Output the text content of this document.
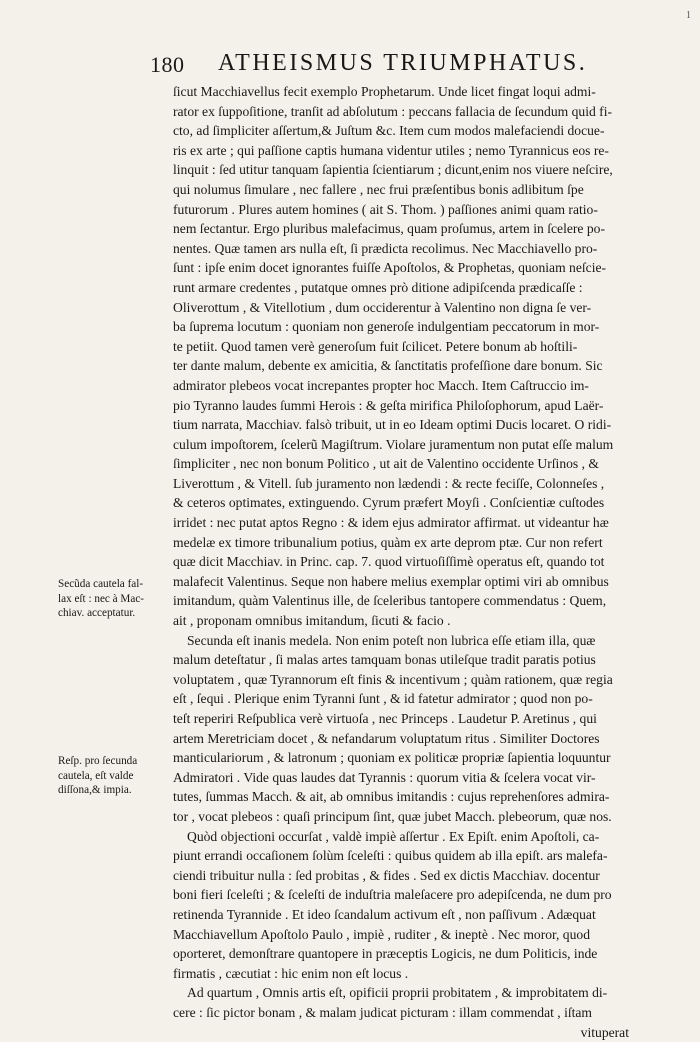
1
180 ATHEISMUS TRIUMPHATUS.
Secũda cautela fal-
lax eſt : nec à Mac-
chiav. acceptatur.
Reſp. pro ſecunda
cautela, eſt valde
diſſona,& impia.
ſicut Macchiavellus fecit exemplo Prophetarum. Unde licet fingat loqui admi-
rator ex ſuppoſitione, tranſit ad abſolutum : peccans fallacia de ſecundum quid fi-
cto, ad ſimpliciter aſſertum,& Juſtum &c. Item cum modos malefaciendi docue-
ris ex arte ; qui paſſione captis humana videntur utiles ; nemo Tyrannicus eos re-
linquit : ſed utitur tanquam ſapientia ſcientiarum ; dicunt,enim nos viuere neſcire,
qui nolumus ſimulare , nec fallere , nec frui præſentibus bonis adlibitum ſpe
futurorum . Plures autem homines ( ait S. Thom. ) paſſiones animi quam ratio-
nem ſectantur. Ergo pluribus malefacimus, quam proſumus, artem in ſcelere po-
nentes. Quæ tamen ars nulla eſt, ſi prædicta recolimus. Nec Macchiavello pro-
ſunt : ipſe enim docet ignorantes fuiſſe Apoſtolos, & Prophetas, quoniam neſcie-
runt armare credentes , putatque omnes prò ditione adipiſcenda prædicaſſe :
Oliverottum , & Vitellotium , dum occiderentur à Valentino non digna ſe ver-
ba ſuprema locutum : quoniam non generoſe indulgentiam peccatorum in mor-
te petiit. Quod tamen verè generoſum fuit ſcilicet. Petere bonum ab hoſtili-
ter dante malum, debente ex amicitia, & ſanctitatis profeſſione dare bonum. Sic
admirator plebeos vocat increpantes propter hoc Macch. Item Caſtruccio im-
pio Tyranno laudes ſummi Herois : & geſta mirifica Philoſophorum, apud Laër-
tium narrata, Macchiav. falsò tribuit, ut in eo Ideam optimi Ducis locaret. O ridi-
culum impoſtorem, ſcelerũ Magiſtrum. Violare juramentum non putat eſſe malum
ſimpliciter , nec non bonum Politico , ut ait de Valentino occidente Urſinos , &
Liverottum , & Vitell. ſub juramento non lædendi : & recte feciſſe, Colonneſes ,
& ceteros optimates, extinguendo. Cyrum præfert Moyſi . Conſcientiæ cuſtodes
irridet : nec putat aptos Regno : & idem ejus admirator affirmat. ut videantur hæ
medelæ ex timore tribunalium potius, quàm ex arte deprom ptæ. Cur non refert
quæ dicit Macchiav. in Princ. cap. 7. quod virtuoſiſſimè operatus eſt, quando tot
malafecit Valentinus. Seque non habere melius exemplar optimi viri ab omnibus
imitandum, quàm Valentinus ille, de ſceleribus tantopere commendatus : Quem,
ait , proponam omnibus imitandum, ſicuti & facio .
Secunda eſt inanis medela. Non enim poteſt non lubrica eſſe etiam illa, quæ
malum deteſtatur , ſi malas artes tamquam bonas utileſque tradit paratis potius
voluptatem , quæ Tyrannorum eſt finis & incentivum ; quàm rationem, quæ regia
eſt , ſequi . Plerique enim Tyranni ſunt , & id fatetur admirator ; quod non po-
teſt reperiri Reſpublica verè virtuoſa , nec Princeps . Laudetur P. Aretinus , qui
artem Meretriciam docet , & nefandarum voluptatum ritus . Similiter Doctores
manticulariorum , & latronum ; quoniam ex politicæ propriæ ſapientia loquuntur
Admiratori . Vide quas laudes dat Tyrannis : quorum vitia & ſcelera vocat vir-
tutes, ſummas Macch. & ait, ab omnibus imitandis : cujus reprehenſores admira-
tor , vocat plebeos : quaſi principum ſint, quæ jubet Macch. plebeorum, quæ nos.
Quòd objectioni occurſat , valdè impiè aſſertur . Ex Epiſt. enim Apoſtoli, ca-
piunt errandi occaſionem ſolùm ſceleſti : quibus quidem ab illa epiſt. ars malefa-
ciendi tribuitur nulla : ſed probitas , & fides . Sed ex dictis Macchiav. docentur
boni fieri ſceleſti ; & ſceleſti de induſtria maleſacere pro adepiſcenda, ne dum pro
retinenda Tyrannide . Et ideo ſcandalum activum eſt , non paſſivum . Adæquat
Macchiavellum Apoſtolo Paulo , impiè , ruditer , & ineptè . Nec moror, quod
oporteret, demonſtrare quantopere in præceptis Logicis, ne dum Politicis, inde
firmatis , cæcutiat : hic enim non eſt locus .
Ad quartum , Omnis artis eſt, opificii proprii probitatem , & improbitatem di-
cere : ſic pictor bonam , & malam judicat picturam : illam commendat , iſtam
vituperat
